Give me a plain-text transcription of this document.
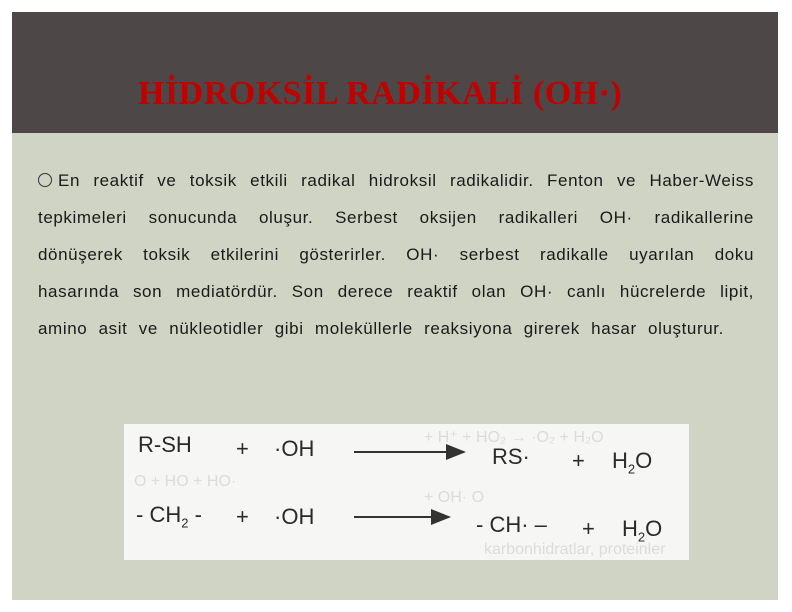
HİDROKSİL RADİKALİ (OH·)
En reaktif ve toksik etkili radikal hidroksil radikalidir. Fenton ve Haber-Weiss tepkimeleri sonucunda oluşur. Serbest oksijen radikalleri OH· radikallerine dönüşerek toksik etkilerini gösterirler. OH· serbest radikalle uyarılan doku hasarında son mediatördür. Son derece reaktif olan OH· canlı hücrelerde lipit, amino asit ve nükleotidler gibi moleküllerle reaksiyona girerek hasar oluşturur.
+ H⁺ + HO₂ → ·O₂ + H₂O
O + HO + HO·
+ OH· O
karbonhidratlar, proteinler
R-SH + ·OH	$RS\cdot + H_2O$
- $CH_2$ - + ·OH	- CH· – + $H_2O$
